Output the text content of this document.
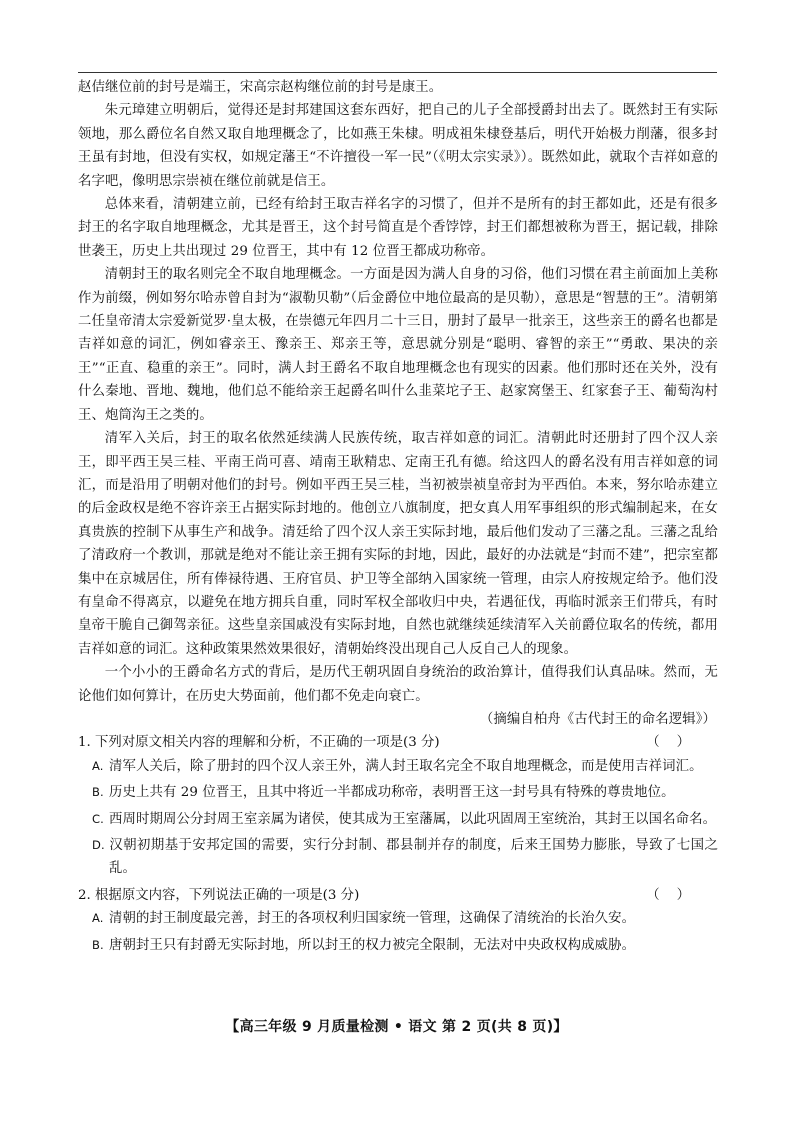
赵佶继位前的封号是端王，宋高宗赵构继位前的封号是康王。

朱元璋建立明朝后，觉得还是封邦建国这套东西好，把自己的儿子全部授爵封出去了。既然封王有实际领地，那么爵位名自然又取自地理概念了，比如燕王朱棣。明成祖朱棣登基后，明代开始极力削藩，很多封王虽有封地，但没有实权，如规定藩王“不许擅役一军一民”（《明太宗实录》）。既然如此，就取个吉祥如意的名字吧，像明思宗崇祯在继位前就是信王。

总体来看，清朝建立前，已经有给封王取吉祥名字的习惯了，但并不是所有的封王都如此，还是有很多封王的名字取自地理概念，尤其是晋王，这个封号简直是个香饽饽，封王们都想被称为晋王，据记载，排除世袭王，历史上共出现过 29 位晋王，其中有 12 位晋王都成功称帝。

清朝封王的取名则完全不取自地理概念。一方面是因为满人自身的习俗，他们习惯在君主前面加上美称作为前缀，例如努尔哈赤曾自封为“淑勒贝勒”（后金爵位中地位最高的是贝勒），意思是“智慧的王”。清朝第二任皇帝清太宗爱新觉罗·皇太极，在崇德元年四月二十三日，册封了最早一批亲王，这些亲王的爵名也都是吉祥如意的词汇，例如睿亲王、豫亲王、郑亲王等，意思就分别是“聪明、睿智的亲王”“勇敢、果决的亲王”“正直、稳重的亲王”。同时，满人封王爵名不取自地理概念也有现实的因素。他们那时还在关外，没有什么秦地、晋地、魏地，他们总不能给亲王起爵名叫什么韭菜坨子王、赵家窝堡王、红家套子王、葡萄沟村王、炮筒沟王之类的。

清军入关后，封王的取名依然延续满人民族传统，取吉祥如意的词汇。清朝此时还册封了四个汉人亲王，即平西王吴三桂、平南王尚可喜、靖南王耿精忠、定南王孔有德。给这四人的爵名没有用吉祥如意的词汇，而是沿用了明朝对他们的封号。例如平西王吴三桂，当初被崇祯皇帝封为平西伯。本来，努尔哈赤建立的后金政权是绝不容许亲王占据实际封地的。他创立八旗制度，把女真人用军事组织的形式编制起来，在女真贵族的控制下从事生产和战争。清廷给了四个汉人亲王实际封地，最后他们发动了三藩之乱。三藩之乱给了清政府一个教训，那就是绝对不能让亲王拥有实际的封地，因此，最好的办法就是“封而不建”，把宗室都集中在京城居住，所有俸禄待遇、王府官员、护卫等全部纳入国家统一管理，由宗人府按规定给予。他们没有皇命不得离京，以避免在地方拥兵自重，同时军权全部收归中央，若遇征伐，再临时派亲王们带兵，有时皇帝干脆自己御驾亲征。这些皇亲国戚没有实际封地，自然也就继续延续清军入关前爵位取名的传统，都用吉祥如意的词汇。这种政策果然效果很好，清朝始终没出现自己人反自己人的现象。

一个小小的王爵命名方式的背后，是历代王朝巩固自身统治的政治算计，值得我们认真品味。然而，无论他们如何算计，在历史大势面前，他们都不免走向衰亡。

（摘编自柏舟《古代封王的命名逻辑》）

1. 下列对原文相关内容的理解和分析，不正确的一项是(3 分)	（    ）

A. 清军人关后，除了册封的四个汉人亲王外，满人封王取名完全不取自地理概念，而是使用吉祥词汇。

B. 历史上共有 29 位晋王，且其中将近一半都成功称帝，表明晋王这一封号具有特殊的尊贵地位。

C. 西周时期周公分封周王室亲属为诸侯，使其成为王室藩属，以此巩固周王室统治，其封王以国名命名。

D. 汉朝初期基于安邦定国的需要，实行分封制、郡县制并存的制度，后来王国势力膨胀，导致了七国之乱。

2. 根据原文内容，下列说法正确的一项是(3 分)	（    ）

A. 清朝的封王制度最完善，封王的各项权利归国家统一管理，这确保了清统治的长治久安。

B. 唐朝封王只有封爵无实际封地，所以封王的权力被完全限制，无法对中央政权构成威胁。

【高三年级 9 月质量检测 • 语文 第 2 页(共 8 页)】
